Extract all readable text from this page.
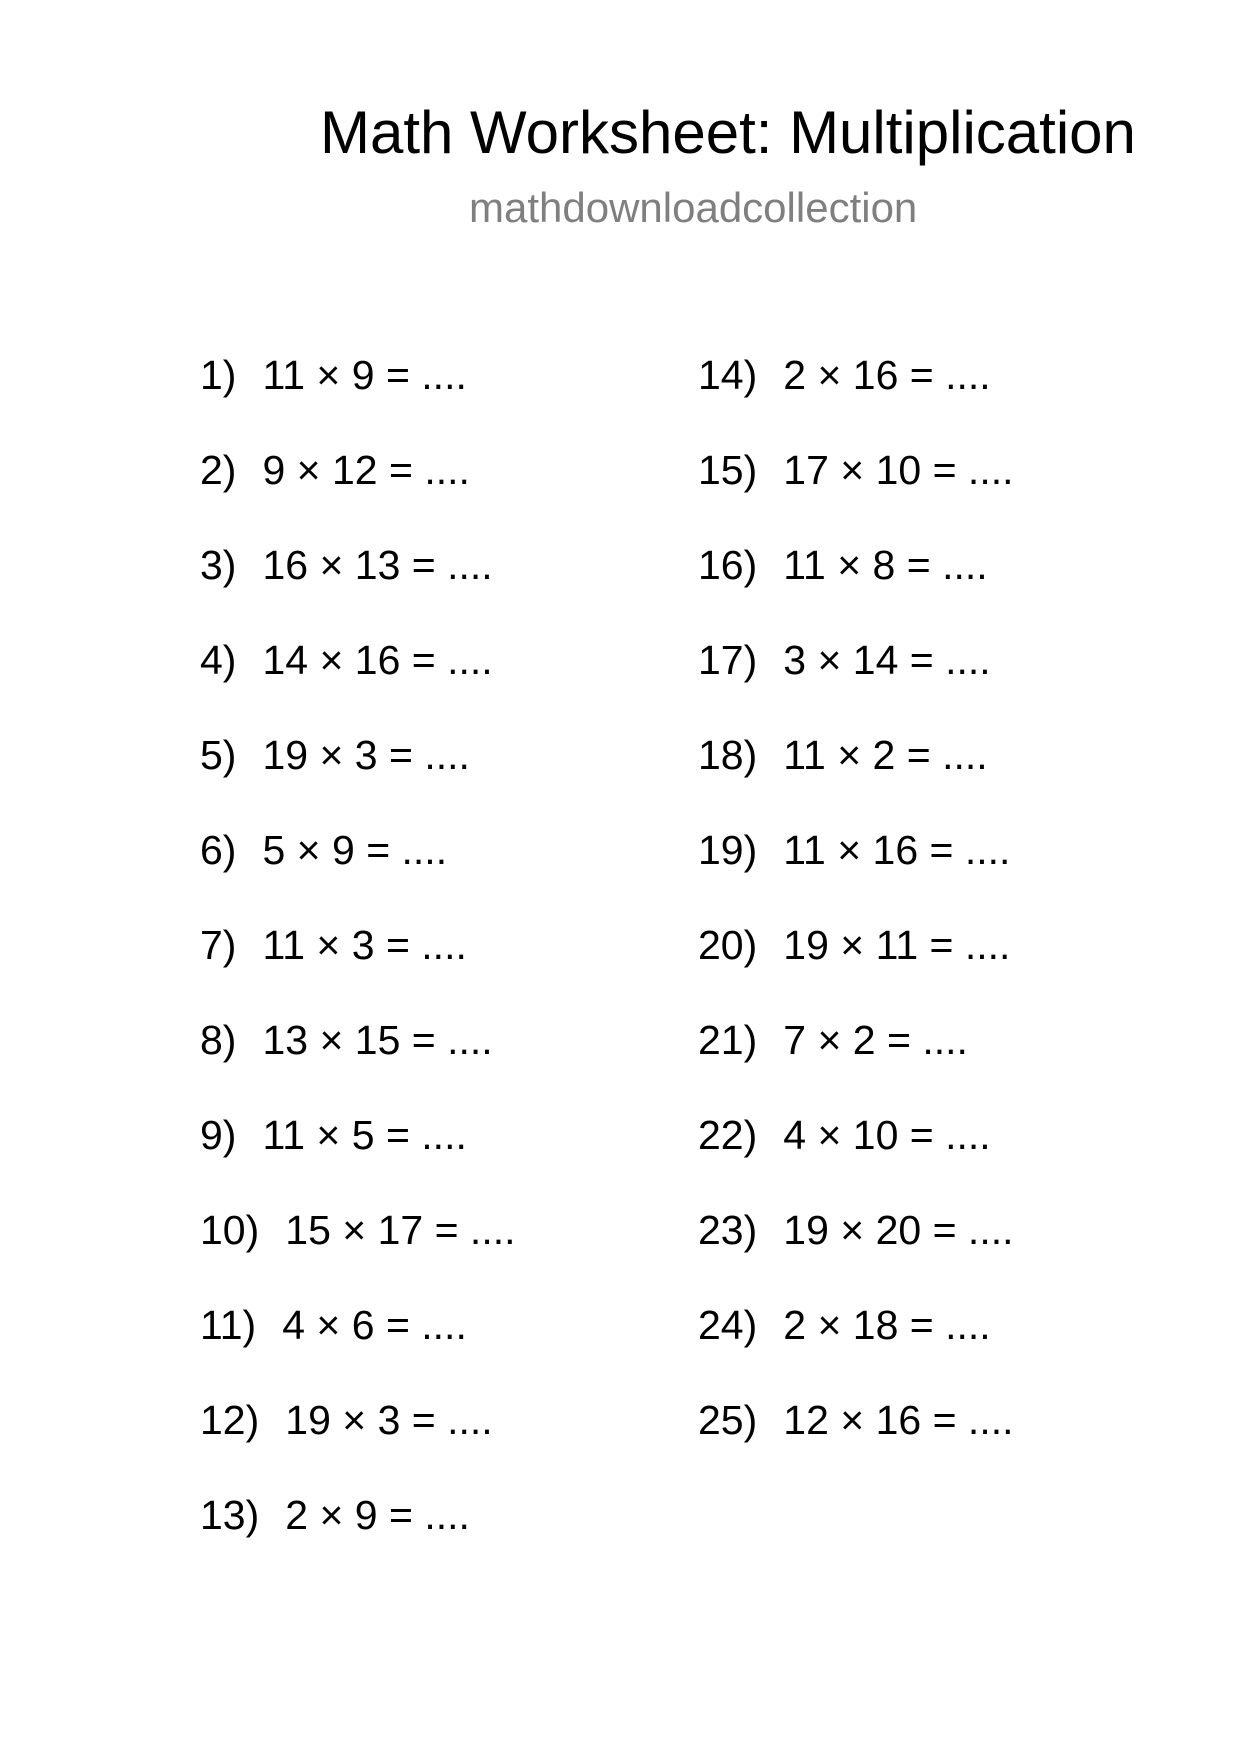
Math Worksheet: Multiplication
mathdownloadcollection
1) 11 × 9 = ....
2) 9 × 12 = ....
3) 16 × 13 = ....
4) 14 × 16 = ....
5) 19 × 3 = ....
6) 5 × 9 = ....
7) 11 × 3 = ....
8) 13 × 15 = ....
9) 11 × 5 = ....
10) 15 × 17 = ....
11) 4 × 6 = ....
12) 19 × 3 = ....
13) 2 × 9 = ....
14) 2 × 16 = ....
15) 17 × 10 = ....
16) 11 × 8 = ....
17) 3 × 14 = ....
18) 11 × 2 = ....
19) 11 × 16 = ....
20) 19 × 11 = ....
21) 7 × 2 = ....
22) 4 × 10 = ....
23) 19 × 20 = ....
24) 2 × 18 = ....
25) 12 × 16 = ....
